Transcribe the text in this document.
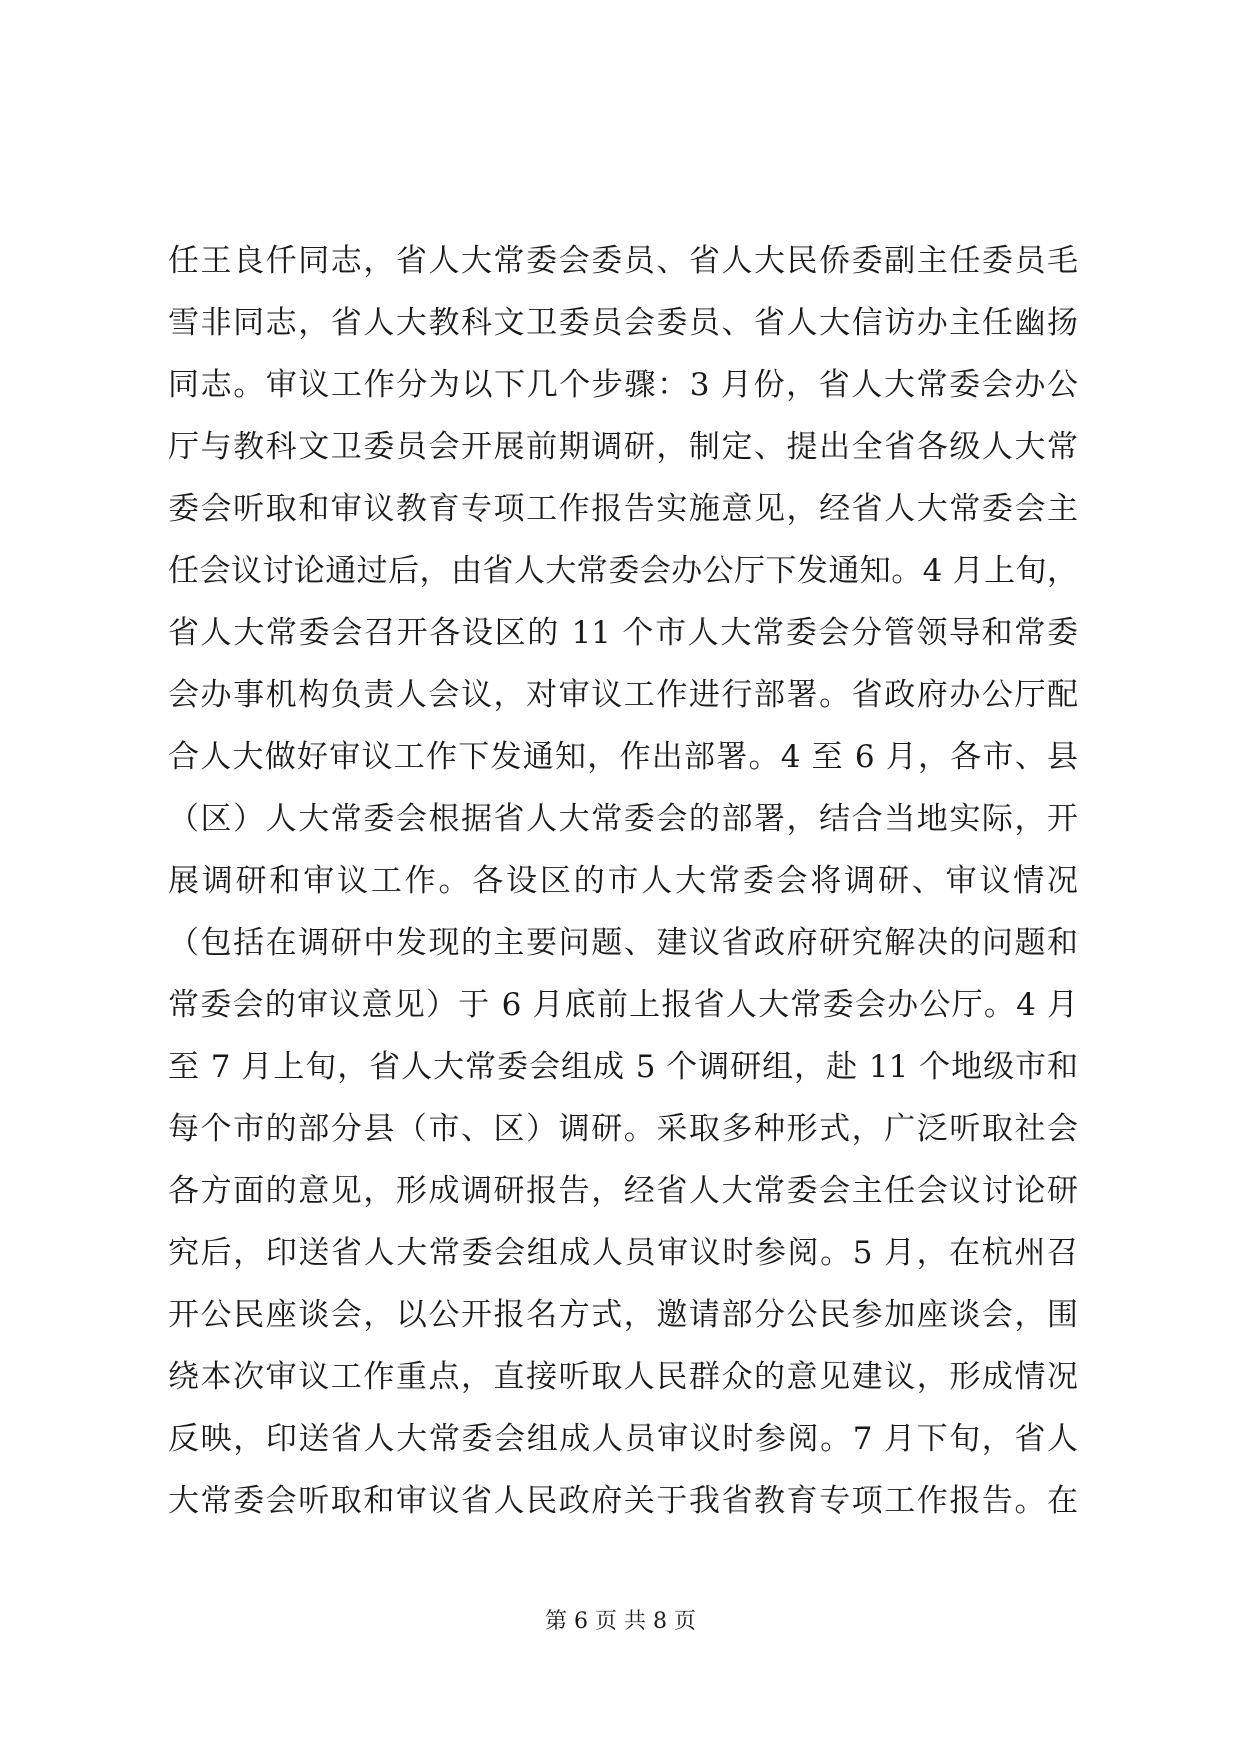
任王良仟同志，省人大常委会委员、省人大民侨委副主任委员毛
雪非同志，省人大教科文卫委员会委员、省人大信访办主任幽扬
同志。审议工作分为以下几个步骤：3 月份，省人大常委会办公
厅与教科文卫委员会开展前期调研，制定、提出全省各级人大常
委会听取和审议教育专项工作报告实施意见，经省人大常委会主
任会议讨论通过后，由省人大常委会办公厅下发通知。4 月上旬，
省人大常委会召开各设区的 11 个市人大常委会分管领导和常委
会办事机构负责人会议，对审议工作进行部署。省政府办公厅配
合人大做好审议工作下发通知，作出部署。4 至 6 月，各市、县
（区）人大常委会根据省人大常委会的部署，结合当地实际，开
展调研和审议工作。各设区的市人大常委会将调研、审议情况
（包括在调研中发现的主要问题、建议省政府研究解决的问题和
常委会的审议意见）于 6 月底前上报省人大常委会办公厅。4 月
至 7 月上旬，省人大常委会组成 5 个调研组，赴 11 个地级市和
每个市的部分县（市、区）调研。采取多种形式，广泛听取社会
各方面的意见，形成调研报告，经省人大常委会主任会议讨论研
究后，印送省人大常委会组成人员审议时参阅。5 月，在杭州召
开公民座谈会，以公开报名方式，邀请部分公民参加座谈会，围
绕本次审议工作重点，直接听取人民群众的意见建议，形成情况
反映，印送省人大常委会组成人员审议时参阅。7 月下旬，省人
大常委会听取和审议省人民政府关于我省教育专项工作报告。在
第 6 页 共 8 页
